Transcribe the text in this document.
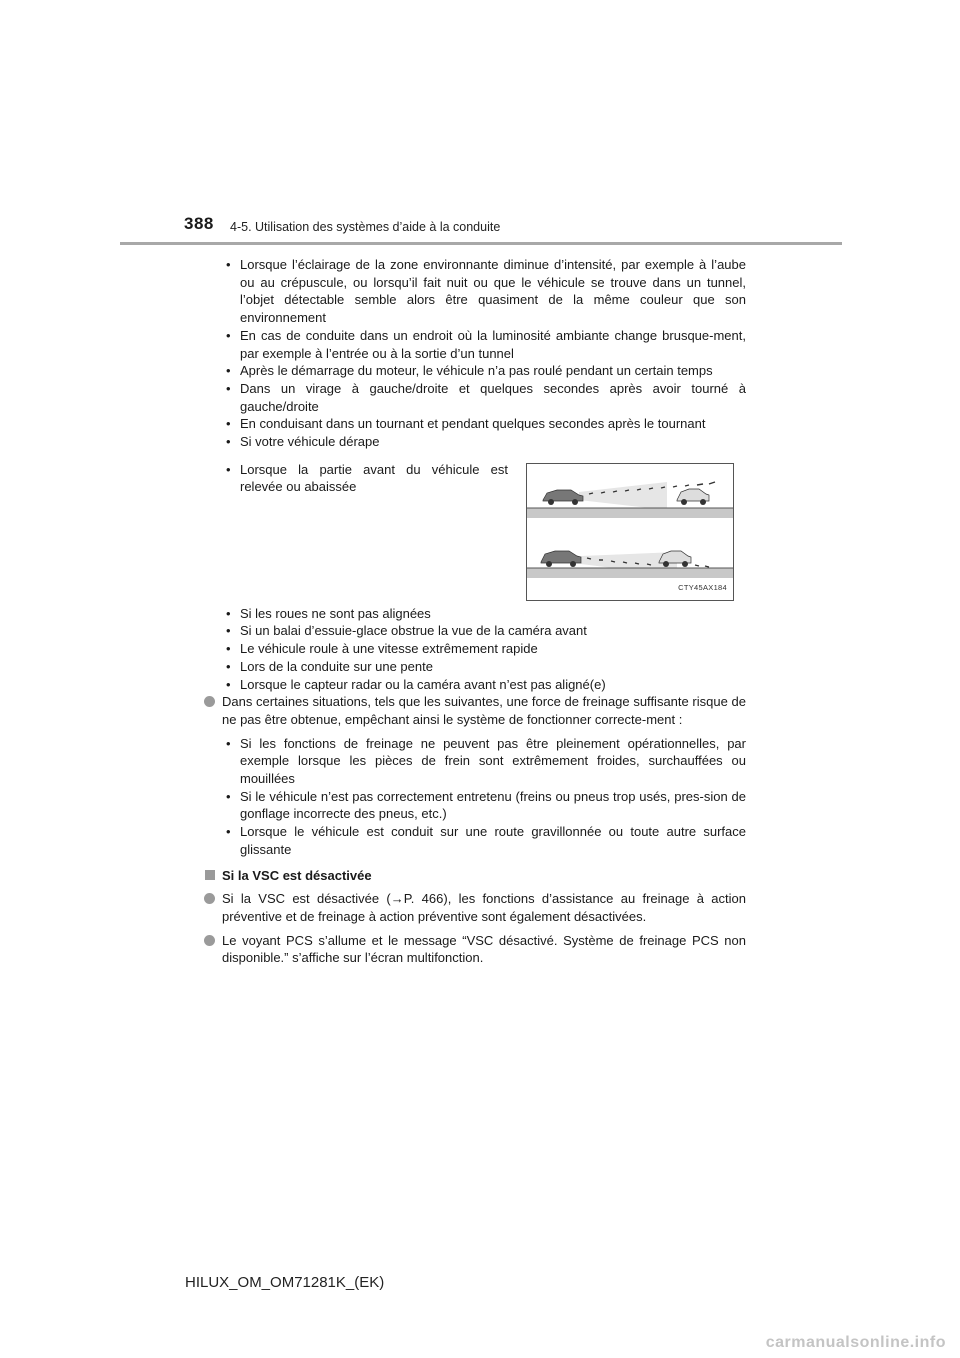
388 4-5. Utilisation des systèmes d’aide à la conduite
• Lorsque l’éclairage de la zone environnante diminue d’intensité, par exemple à l’aube ou au crépuscule, ou lorsqu’il fait nuit ou que le véhicule se trouve dans un tunnel, l’objet détectable semble alors être quasiment de la même couleur que son environnement
• En cas de conduite dans un endroit où la luminosité ambiante change brusque-ment, par exemple à l’entrée ou à la sortie d’un tunnel
• Après le démarrage du moteur, le véhicule n’a pas roulé pendant un certain temps
• Dans un virage à gauche/droite et quelques secondes après avoir tourné à gauche/droite
• En conduisant dans un tournant et pendant quelques secondes après le tournant
• Si votre véhicule dérape
• Lorsque la partie avant du véhicule est relevée ou abaissée
CTY45AX184
• Si les roues ne sont pas alignées
• Si un balai d’essuie-glace obstrue la vue de la caméra avant
• Le véhicule roule à une vitesse extrêmement rapide
• Lors de la conduite sur une pente
• Lorsque le capteur radar ou la caméra avant n’est pas aligné(e)
Dans certaines situations, tels que les suivantes, une force de freinage suffisante risque de ne pas être obtenue, empêchant ainsi le système de fonctionner correcte-ment :
• Si les fonctions de freinage ne peuvent pas être pleinement opérationnelles, par exemple lorsque les pièces de frein sont extrêmement froides, surchauffées ou mouillées
• Si le véhicule n’est pas correctement entretenu (freins ou pneus trop usés, pres-sion de gonflage incorrecte des pneus, etc.)
• Lorsque le véhicule est conduit sur une route gravillonnée ou toute autre surface glissante
Si la VSC est désactivée
Si la VSC est désactivée (→P. 466), les fonctions d’assistance au freinage à action préventive et de freinage à action préventive sont également désactivées.
Le voyant PCS s’allume et le message “VSC désactivé. Système de freinage PCS non disponible.” s’affiche sur l’écran multifonction.
HILUX_OM_OM71281K_(EK)
carmanualsonline.info
